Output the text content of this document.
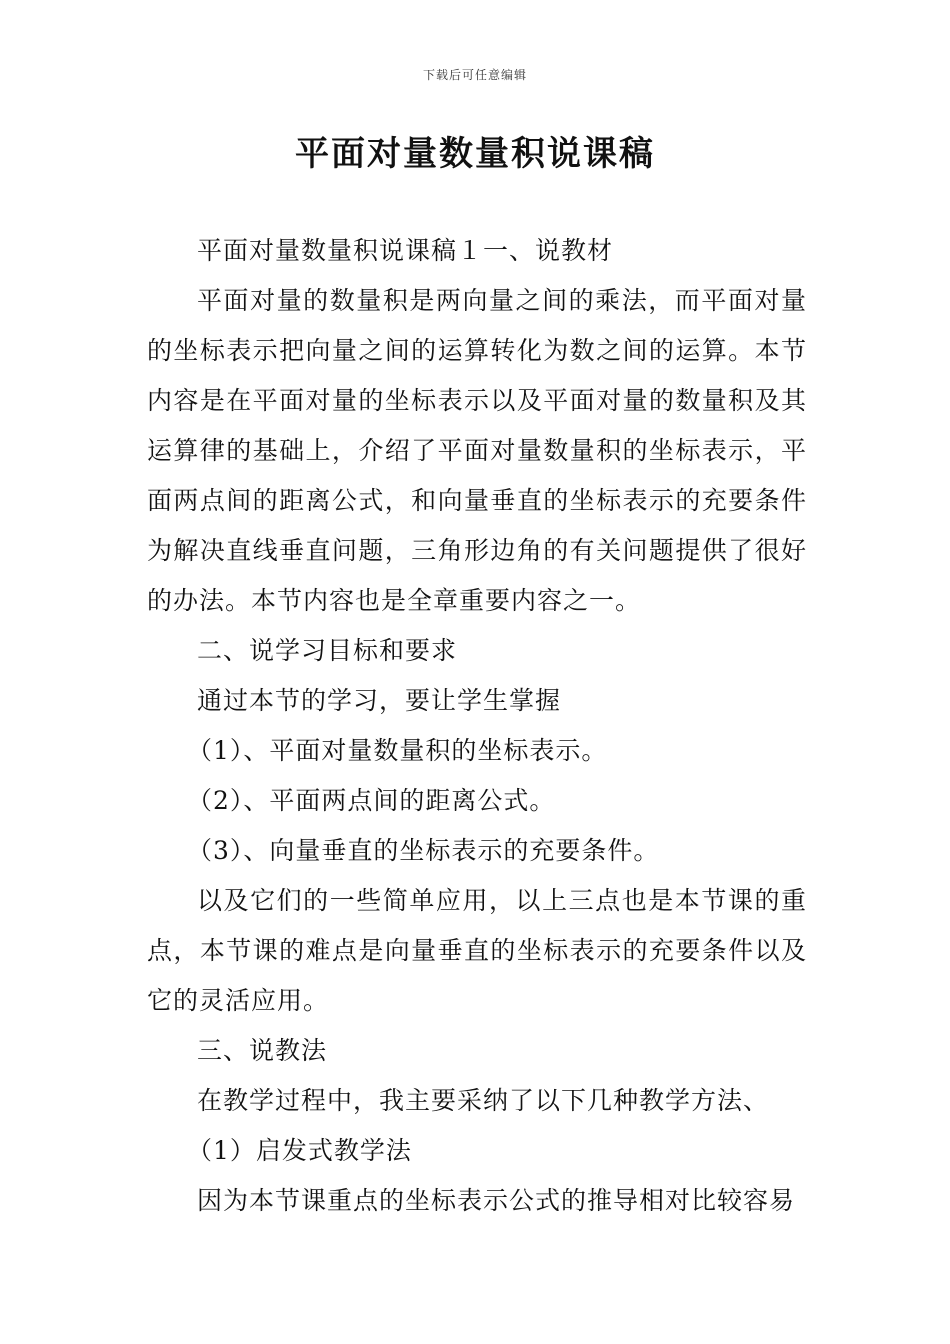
下载后可任意编辑
平面对量数量积说课稿

平面对量数量积说课稿１一、说教材

平面对量的数量积是两向量之间的乘法，而平面对量的坐标表示把向量之间的运算转化为数之间的运算。本节内容是在平面对量的坐标表示以及平面对量的数量积及其运算律的基础上，介绍了平面对量数量积的坐标表示，平面两点间的距离公式，和向量垂直的坐标表示的充要条件为解决直线垂直问题，三角形边角的有关问题提供了很好的办法。本节内容也是全章重要内容之一。

二、说学习目标和要求

通过本节的学习，要让学生掌握

（1）、平面对量数量积的坐标表示。

（2）、平面两点间的距离公式。

（3）、向量垂直的坐标表示的充要条件。

以及它们的一些简单应用，以上三点也是本节课的重点，本节课的难点是向量垂直的坐标表示的充要条件以及它的灵活应用。

三、说教法

在教学过程中，我主要采纳了以下几种教学方法、

（1）启发式教学法

因为本节课重点的坐标表示公式的推导相对比较容易
